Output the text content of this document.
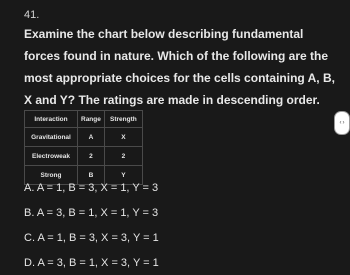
41.
Examine the chart below describing fundamental forces found in nature. Which of the following are the most appropriate choices for the cells containing A, B, X and Y? The ratings are made in descending order.
Interaction	Range	Strength
Gravitational	A	X
Electroweak	2	2
Strong	B	Y
A. A = 1, B = 3, X = 1, Y = 3
B. A = 3, B = 1, X = 1, Y = 3
C. A = 1, B = 3, X = 3, Y = 1
D. A = 3, B = 1, X = 3, Y = 1
‹ ›
